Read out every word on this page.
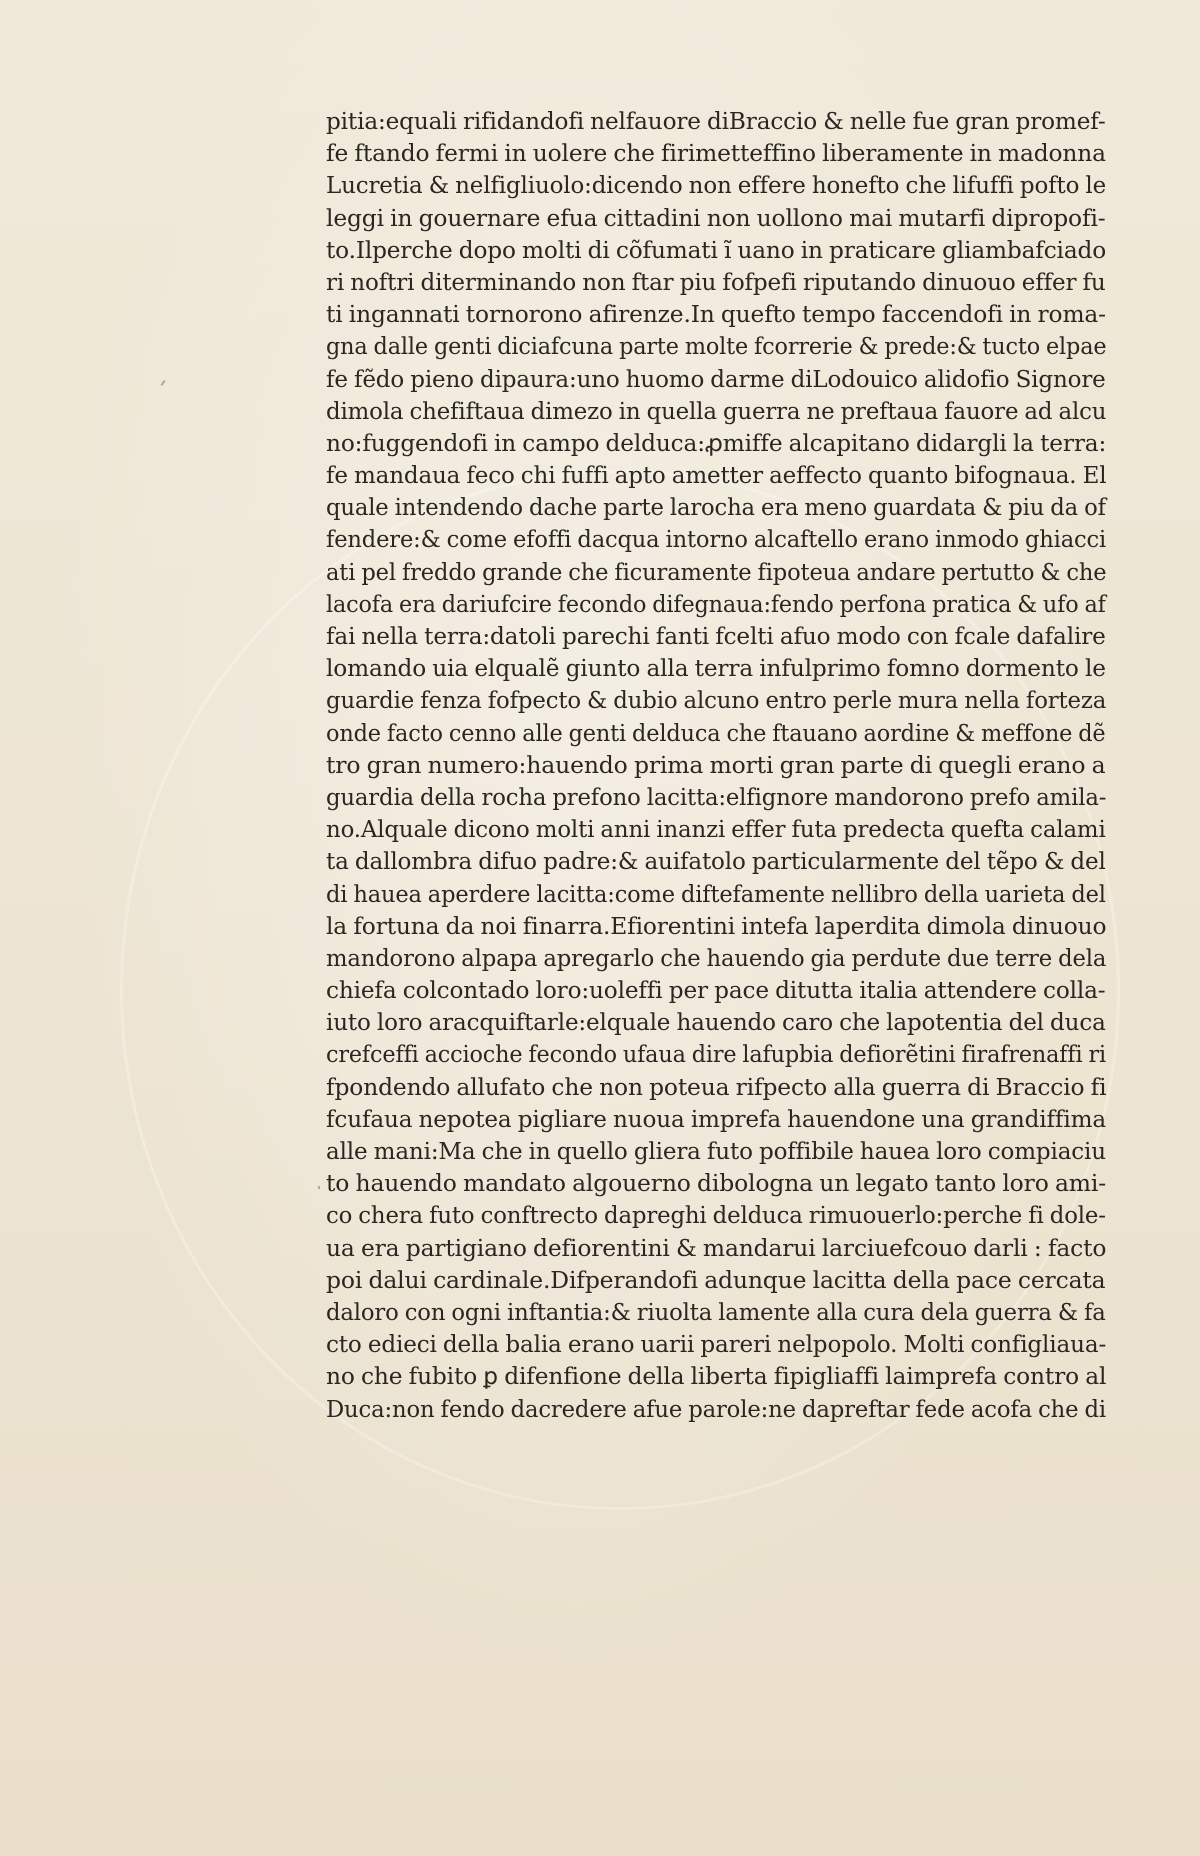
pitia:equali rifidandofi nelfauore diBraccio & nelle fue gran promef-
fe ftando fermi in uolere che firimetteffino liberamente in madonna
Lucretia & nelfigliuolo:dicendo non effere honefto che lifuffi pofto le
leggi in gouernare efua cittadini non uollono mai mutarfi dipropofi-
to.Ilperche dopo molti di cõfumati ĩ uano in praticare gliambafciado
ri noftri diterminando non ftar piu fofpefi riputando dinuouo effer fu
ti ingannati tornorono afirenze.In quefto tempo faccendofi in roma-
gna dalle genti diciafcuna parte molte fcorrerie & prede:& tucto elpae
fe fẽdo pieno dipaura:uno huomo darme diLodouico alidofio Signore
dimola chefiftaua dimezo in quella guerra ne preftaua fauore ad alcu
no:fuggendofi in campo delduca:ꝓmiffe alcapitano didargli la terra:
fe mandaua feco chi fuffi apto ametter aeffecto quanto bifognaua. El
quale intendendo dache parte larocha era meno guardata & piu da of
fendere:& come efoffi dacqua intorno alcaftello erano inmodo ghiacci
ati pel freddo grande che ficuramente fipoteua andare pertutto & che
lacofa era dariufcire fecondo difegnaua:fendo perfona pratica & ufo af
fai nella terra:datoli parechi fanti fcelti afuo modo con fcale dafalire
lomando uia elqualẽ giunto alla terra infulprimo fomno dormento le
guardie fenza fofpecto & dubio alcuno entro perle mura nella forteza
onde facto cenno alle genti delduca che ftauano aordine & meffone dẽ
tro gran numero:hauendo prima morti gran parte di quegli erano a
guardia della rocha prefono lacitta:elfignore mandorono prefo amila-
no.Alquale dicono molti anni inanzi effer futa predecta quefta calami
ta dallombra difuo padre:& auifatolo particularmente del tẽpo & del
di hauea aperdere lacitta:come diftefamente nellibro della uarieta del
la fortuna da noi finarra.Efiorentini intefa laperdita dimola dinuouo
mandorono alpapa apregarlo che hauendo gia perdute due terre dela
chiefa colcontado loro:uoleffi per pace ditutta italia attendere colla-
iuto loro aracquiftarle:elquale hauendo caro che lapotentia del duca
crefceffi accioche fecondo ufaua dire lafupbia defiorẽtini firafrenaffi ri
fpondendo allufato che non poteua rifpecto alla guerra di Braccio fi
fcufaua nepotea pigliare nuoua imprefa hauendone una grandiffima
alle mani:Ma che in quello gliera futo poffibile hauea loro compiaciu
to hauendo mandato algouerno dibologna un legato tanto loro ami-
co chera futo conftrecto dapreghi delduca rimuouerlo:perche fi dole-
ua era partigiano defiorentini & mandarui larciuefcouo darli : facto
poi dalui cardinale.Difperandofi adunque lacitta della pace cercata
daloro con ogni inftantia:& riuolta lamente alla cura dela guerra & fa
cto edieci della balia erano uarii pareri nelpopolo. Molti configliaua-
no che fubito ꝑ difenfione della liberta fipigliaffi laimprefa contro al
Duca:non fendo dacredere afue parole:ne dapreftar fede acofa che di
